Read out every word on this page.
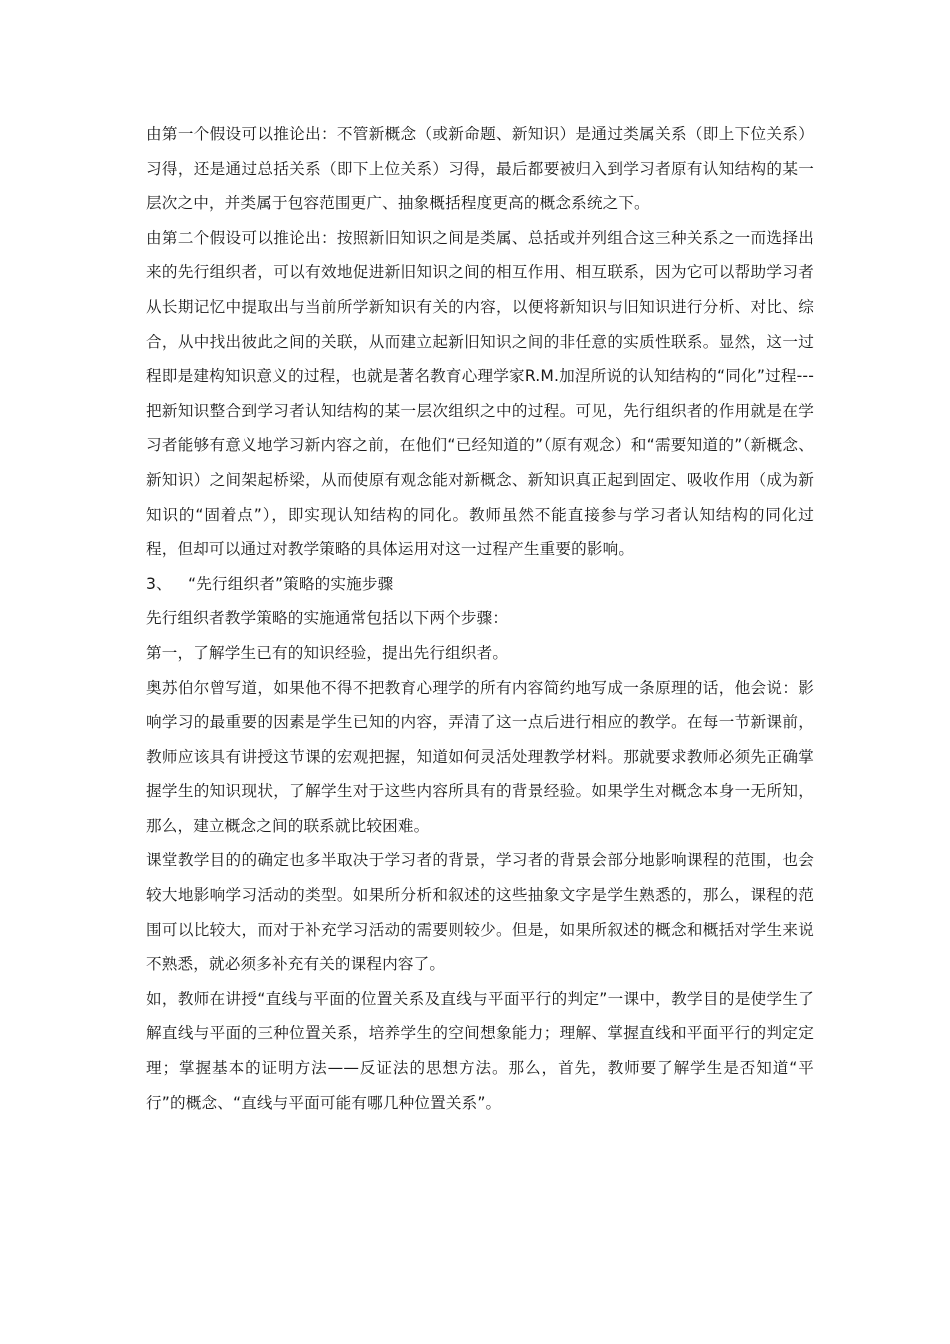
由第一个假设可以推论出：不管新概念（或新命题、新知识）是通过类属关系（即上下位关系）习得，还是通过总括关系（即下上位关系）习得，最后都要被归入到学习者原有认知结构的某一层次之中，并类属于包容范围更广、抽象概括程度更高的概念系统之下。

由第二个假设可以推论出：按照新旧知识之间是类属、总括或并列组合这三种关系之一而选择出来的先行组织者，可以有效地促进新旧知识之间的相互作用、相互联系，因为它可以帮助学习者从长期记忆中提取出与当前所学新知识有关的内容，以便将新知识与旧知识进行分析、对比、综合，从中找出彼此之间的关联，从而建立起新旧知识之间的非任意的实质性联系。显然，这一过程即是建构知识意义的过程，也就是著名教育心理学家R.M.加涅所说的认知结构的“同化”过程---把新知识整合到学习者认知结构的某一层次组织之中的过程。可见，先行组织者的作用就是在学习者能够有意义地学习新内容之前，在他们“已经知道的”（原有观念）和“需要知道的”（新概念、新知识）之间架起桥梁，从而使原有观念能对新概念、新知识真正起到固定、吸收作用（成为新知识的“固着点”），即实现认知结构的同化。教师虽然不能直接参与学习者认知结构的同化过程，但却可以通过对教学策略的具体运用对这一过程产生重要的影响。

3、 “先行组织者”策略的实施步骤

先行组织者教学策略的实施通常包括以下两个步骤：

第一，了解学生已有的知识经验，提出先行组织者。

奥苏伯尔曾写道，如果他不得不把教育心理学的所有内容简约地写成一条原理的话，他会说：影响学习的最重要的因素是学生已知的内容，弄清了这一点后进行相应的教学。在每一节新课前，教师应该具有讲授这节课的宏观把握，知道如何灵活处理教学材料。那就要求教师必须先正确掌握学生的知识现状，了解学生对于这些内容所具有的背景经验。如果学生对概念本身一无所知，那么，建立概念之间的联系就比较困难。

课堂教学目的的确定也多半取决于学习者的背景，学习者的背景会部分地影响课程的范围，也会较大地影响学习活动的类型。如果所分析和叙述的这些抽象文字是学生熟悉的，那么，课程的范围可以比较大，而对于补充学习活动的需要则较少。但是，如果所叙述的概念和概括对学生来说不熟悉，就必须多补充有关的课程内容了。

如，教师在讲授“直线与平面的位置关系及直线与平面平行的判定”一课中，教学目的是使学生了解直线与平面的三种位置关系，培养学生的空间想象能力；理解、掌握直线和平面平行的判定定理；掌握基本的证明方法——反证法的思想方法。那么，首先，教师要了解学生是否知道“平行”的概念、“直线与平面可能有哪几种位置关系”。
